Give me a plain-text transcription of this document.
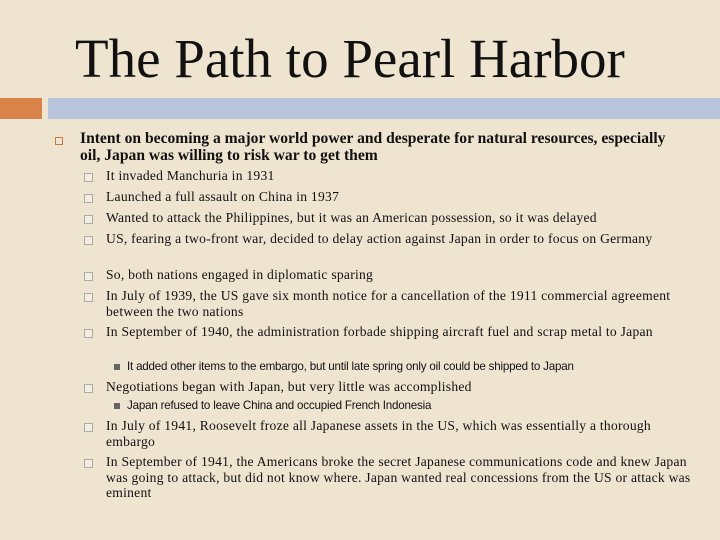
The Path to Pearl Harbor
Intent on becoming a major world power and desperate for natural resources, especially oil, Japan was willing to risk war to get them
It invaded Manchuria in 1931
Launched a full assault on China in 1937
Wanted to attack the Philippines, but it was an American possession, so it was delayed
US, fearing a two-front war, decided to delay action against Japan in order to focus on Germany
So, both nations engaged in diplomatic sparing
In July of 1939, the US gave six month notice for a cancellation of the 1911 commercial agreement between the two nations
In September of 1940, the administration forbade shipping aircraft fuel and scrap metal to Japan
It added other items to the embargo, but until late spring only oil could be shipped to Japan
Negotiations began with Japan, but very little was accomplished
Japan refused to leave China and occupied French Indonesia
In July of 1941, Roosevelt froze all Japanese assets in the US, which was essentially a thorough embargo
In September of 1941, the Americans broke the secret Japanese communications code and knew Japan was going to attack, but did not know where. Japan wanted real concessions from the US or attack was eminent
